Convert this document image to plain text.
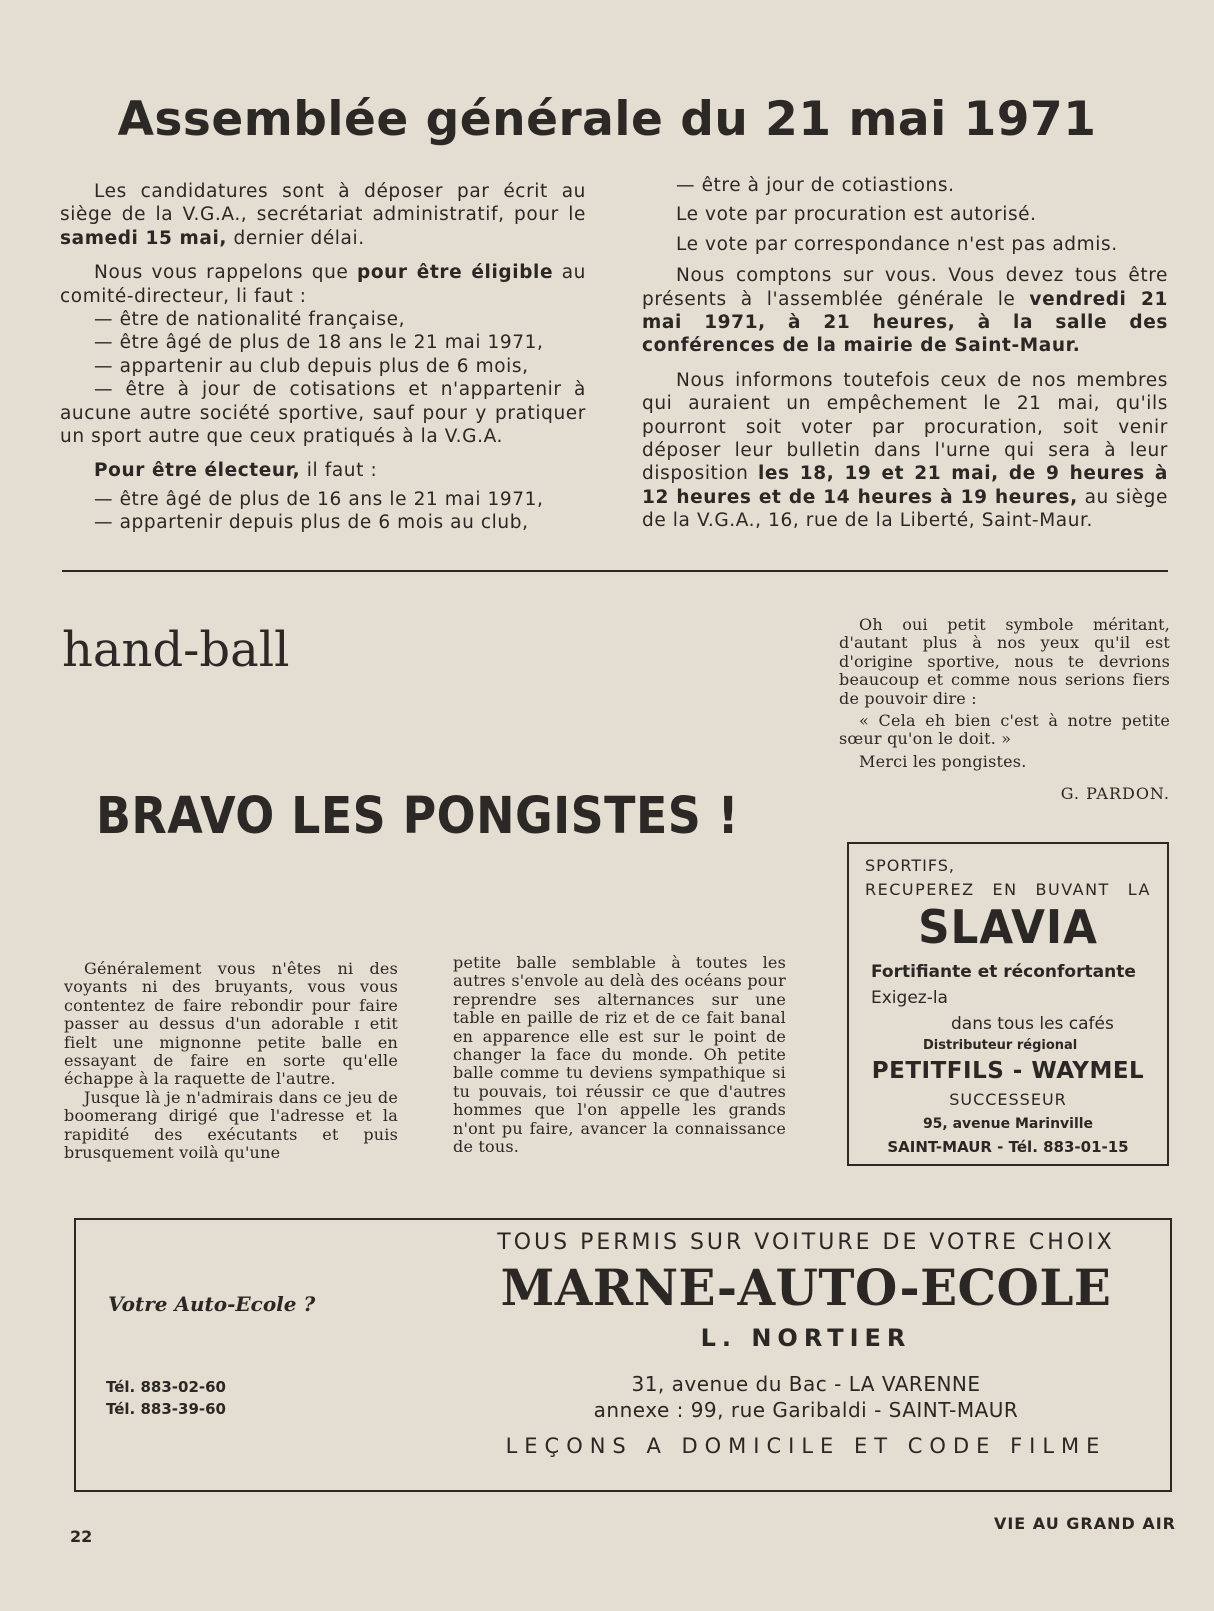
Assemblée générale du 21 mai 1971

Les candidatures sont à déposer par écrit au siège de la V.G.A., secrétariat administratif, pour le samedi 15 mai, dernier délai.

Nous vous rappelons que pour être éligible au comité-directeur, li faut :

— être de nationalité française,
— être âgé de plus de 18 ans le 21 mai 1971,
— appartenir au club depuis plus de 6 mois,
— être à jour de cotisations et n'appartenir à aucune autre société sportive, sauf pour y pratiquer un sport autre que ceux pratiqués à la V.G.A.

Pour être électeur, il faut :

— être âgé de plus de 16 ans le 21 mai 1971,
— appartenir depuis plus de 6 mois au club,

— être à jour de cotiastions.

Le vote par procuration est autorisé.

Le vote par correspondance n'est pas admis.

Nous comptons sur vous. Vous devez tous être présents à l'assemblée générale le vendredi 21 mai 1971, à 21 heures, à la salle des conférences de la mairie de Saint-Maur.

Nous informons toutefois ceux de nos membres qui auraient un empêchement le 21 mai, qu'ils pourront soit voter par procuration, soit venir déposer leur bulletin dans l'urne qui sera à leur disposition les 18, 19 et 21 mai, de 9 heures à 12 heures et de 14 heures à 19 heures, au siège de la V.G.A., 16, rue de la Liberté, Saint-Maur.

hand-ball
BRAVO LES PONGISTES !

Généralement vous n'êtes ni des voyants ni des bruyants, vous vous contentez de faire rebondir pour faire passer au dessus d'un adorable ɪ etit fielt une mignonne petite balle en essayant de faire en sorte qu'elle échappe à la raquette de l'autre.

Jusque là je n'admirais dans ce jeu de boomerang dirigé que l'adresse et la rapidité des exécutants et puis brusquement voilà qu'une

petite balle semblable à toutes les autres s'envole au delà des océans pour reprendre ses alternances sur une table en paille de riz et de ce fait banal en apparence elle est sur le point de changer la face du monde. Oh petite balle comme tu deviens sympathique si tu pouvais, toi réussir ce que d'autres hommes que l'on appelle les grands n'ont pu faire, avancer la connaissance de tous.

Oh oui petit symbole méritant, d'autant plus à nos yeux qu'il est d'origine sportive, nous te devrions beaucoup et comme nous serions fiers de pouvoir dire :

« Cela eh bien c'est à notre petite sœur qu'on le doit. »

Merci les pongistes.

G. PARDON.

SPORTIFS,
RECUPEREZ EN BUVANT LA
SLAVIA
Fortifiante et réconfortante
Exigez-la
dans tous les cafés
Distributeur régional
PETITFILS - WAYMEL
SUCCESSEUR
95, avenue Marinville
SAINT-MAUR - Tél. 883-01-15
Votre Auto-Ecole ?
Tél. 883-02-60
Tél. 883-39-60
TOUS PERMIS SUR VOITURE DE VOTRE CHOIX
MARNE-AUTO-ECOLE
L. NORTIER
31, avenue du Bac - LA VARENNE
annexe : 99, rue Garibaldi - SAINT-MAUR
LEÇONS A DOMICILE ET CODE FILME
22
VIE AU GRAND AIR
